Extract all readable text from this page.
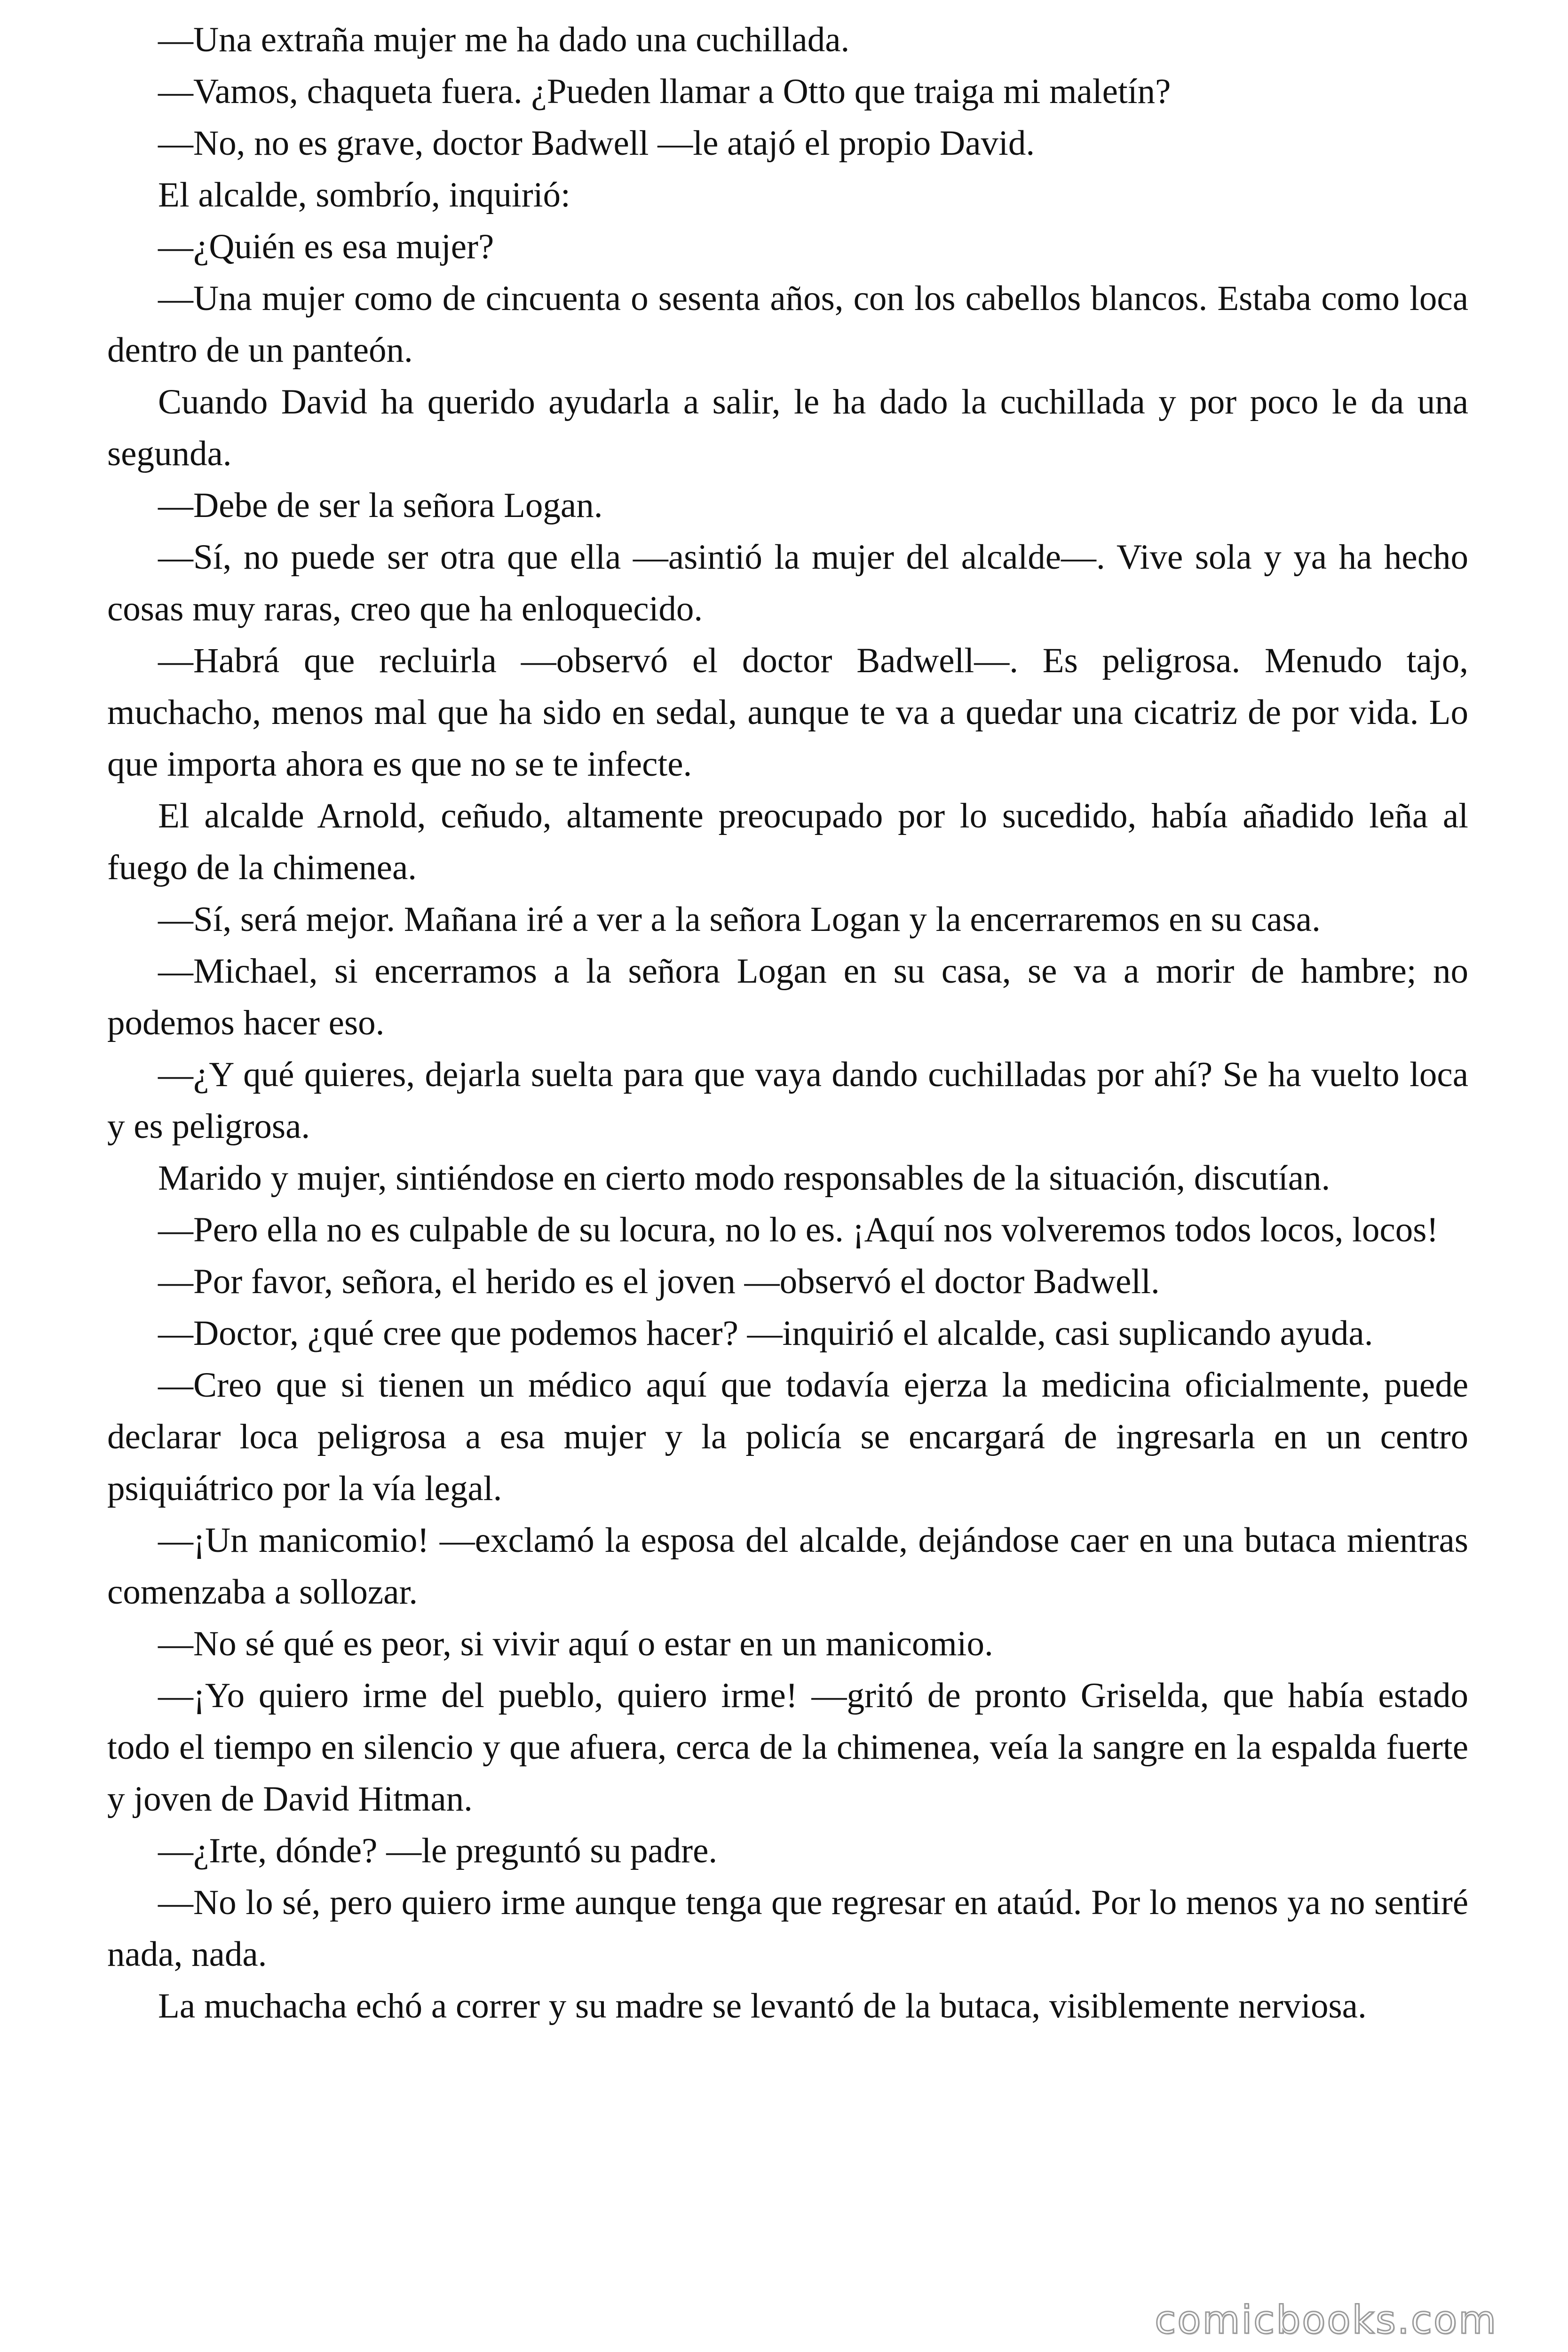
—Una extraña mujer me ha dado una cuchillada.

—Vamos, chaqueta fuera. ¿Pueden llamar a Otto que traiga mi maletín?

—No, no es grave, doctor Badwell —le atajó el propio David.

El alcalde, sombrío, inquirió:

—¿Quién es esa mujer?

—Una mujer como de cincuenta o sesenta años, con los cabellos blancos. Estaba como loca dentro de un panteón.

Cuando David ha querido ayudarla a salir, le ha dado la cuchillada y por poco le da una segunda.

—Debe de ser la señora Logan.

—Sí, no puede ser otra que ella —asintió la mujer del alcalde—. Vive sola y ya ha hecho cosas muy raras, creo que ha enloquecido.

—Habrá que recluirla —observó el doctor Badwell—. Es peligrosa. Menudo tajo, muchacho, menos mal que ha sido en sedal, aunque te va a quedar una cicatriz de por vida. Lo que importa ahora es que no se te infecte.

El alcalde Arnold, ceñudo, altamente preocupado por lo sucedido, había añadido leña al fuego de la chimenea.

—Sí, será mejor. Mañana iré a ver a la señora Logan y la encerraremos en su casa.

—Michael, si encerramos a la señora Logan en su casa, se va a morir de hambre; no podemos hacer eso.

—¿Y qué quieres, dejarla suelta para que vaya dando cuchilladas por ahí? Se ha vuelto loca y es peligrosa.

Marido y mujer, sintiéndose en cierto modo responsables de la situación, discutían.

—Pero ella no es culpable de su locura, no lo es. ¡Aquí nos volveremos todos locos, locos!

—Por favor, señora, el herido es el joven —observó el doctor Badwell.

—Doctor, ¿qué cree que podemos hacer? —inquirió el alcalde, casi suplicando ayuda.

—Creo que si tienen un médico aquí que todavía ejerza la medicina oficialmente, puede declarar loca peligrosa a esa mujer y la policía se encargará de ingresarla en un centro psiquiátrico por la vía legal.

—¡Un manicomio! —exclamó la esposa del alcalde, dejándose caer en una butaca mientras comenzaba a sollozar.

—No sé qué es peor, si vivir aquí o estar en un manicomio.

—¡Yo quiero irme del pueblo, quiero irme! —gritó de pronto Griselda, que había estado todo el tiempo en silencio y que afuera, cerca de la chimenea, veía la sangre en la espalda fuerte y joven de David Hitman.

—¿Irte, dónde? —le preguntó su padre.

—No lo sé, pero quiero irme aunque tenga que regresar en ataúd. Por lo menos ya no sentiré nada, nada.

La muchacha echó a correr y su madre se levantó de la butaca, visiblemente nerviosa.

comicbooks.com
